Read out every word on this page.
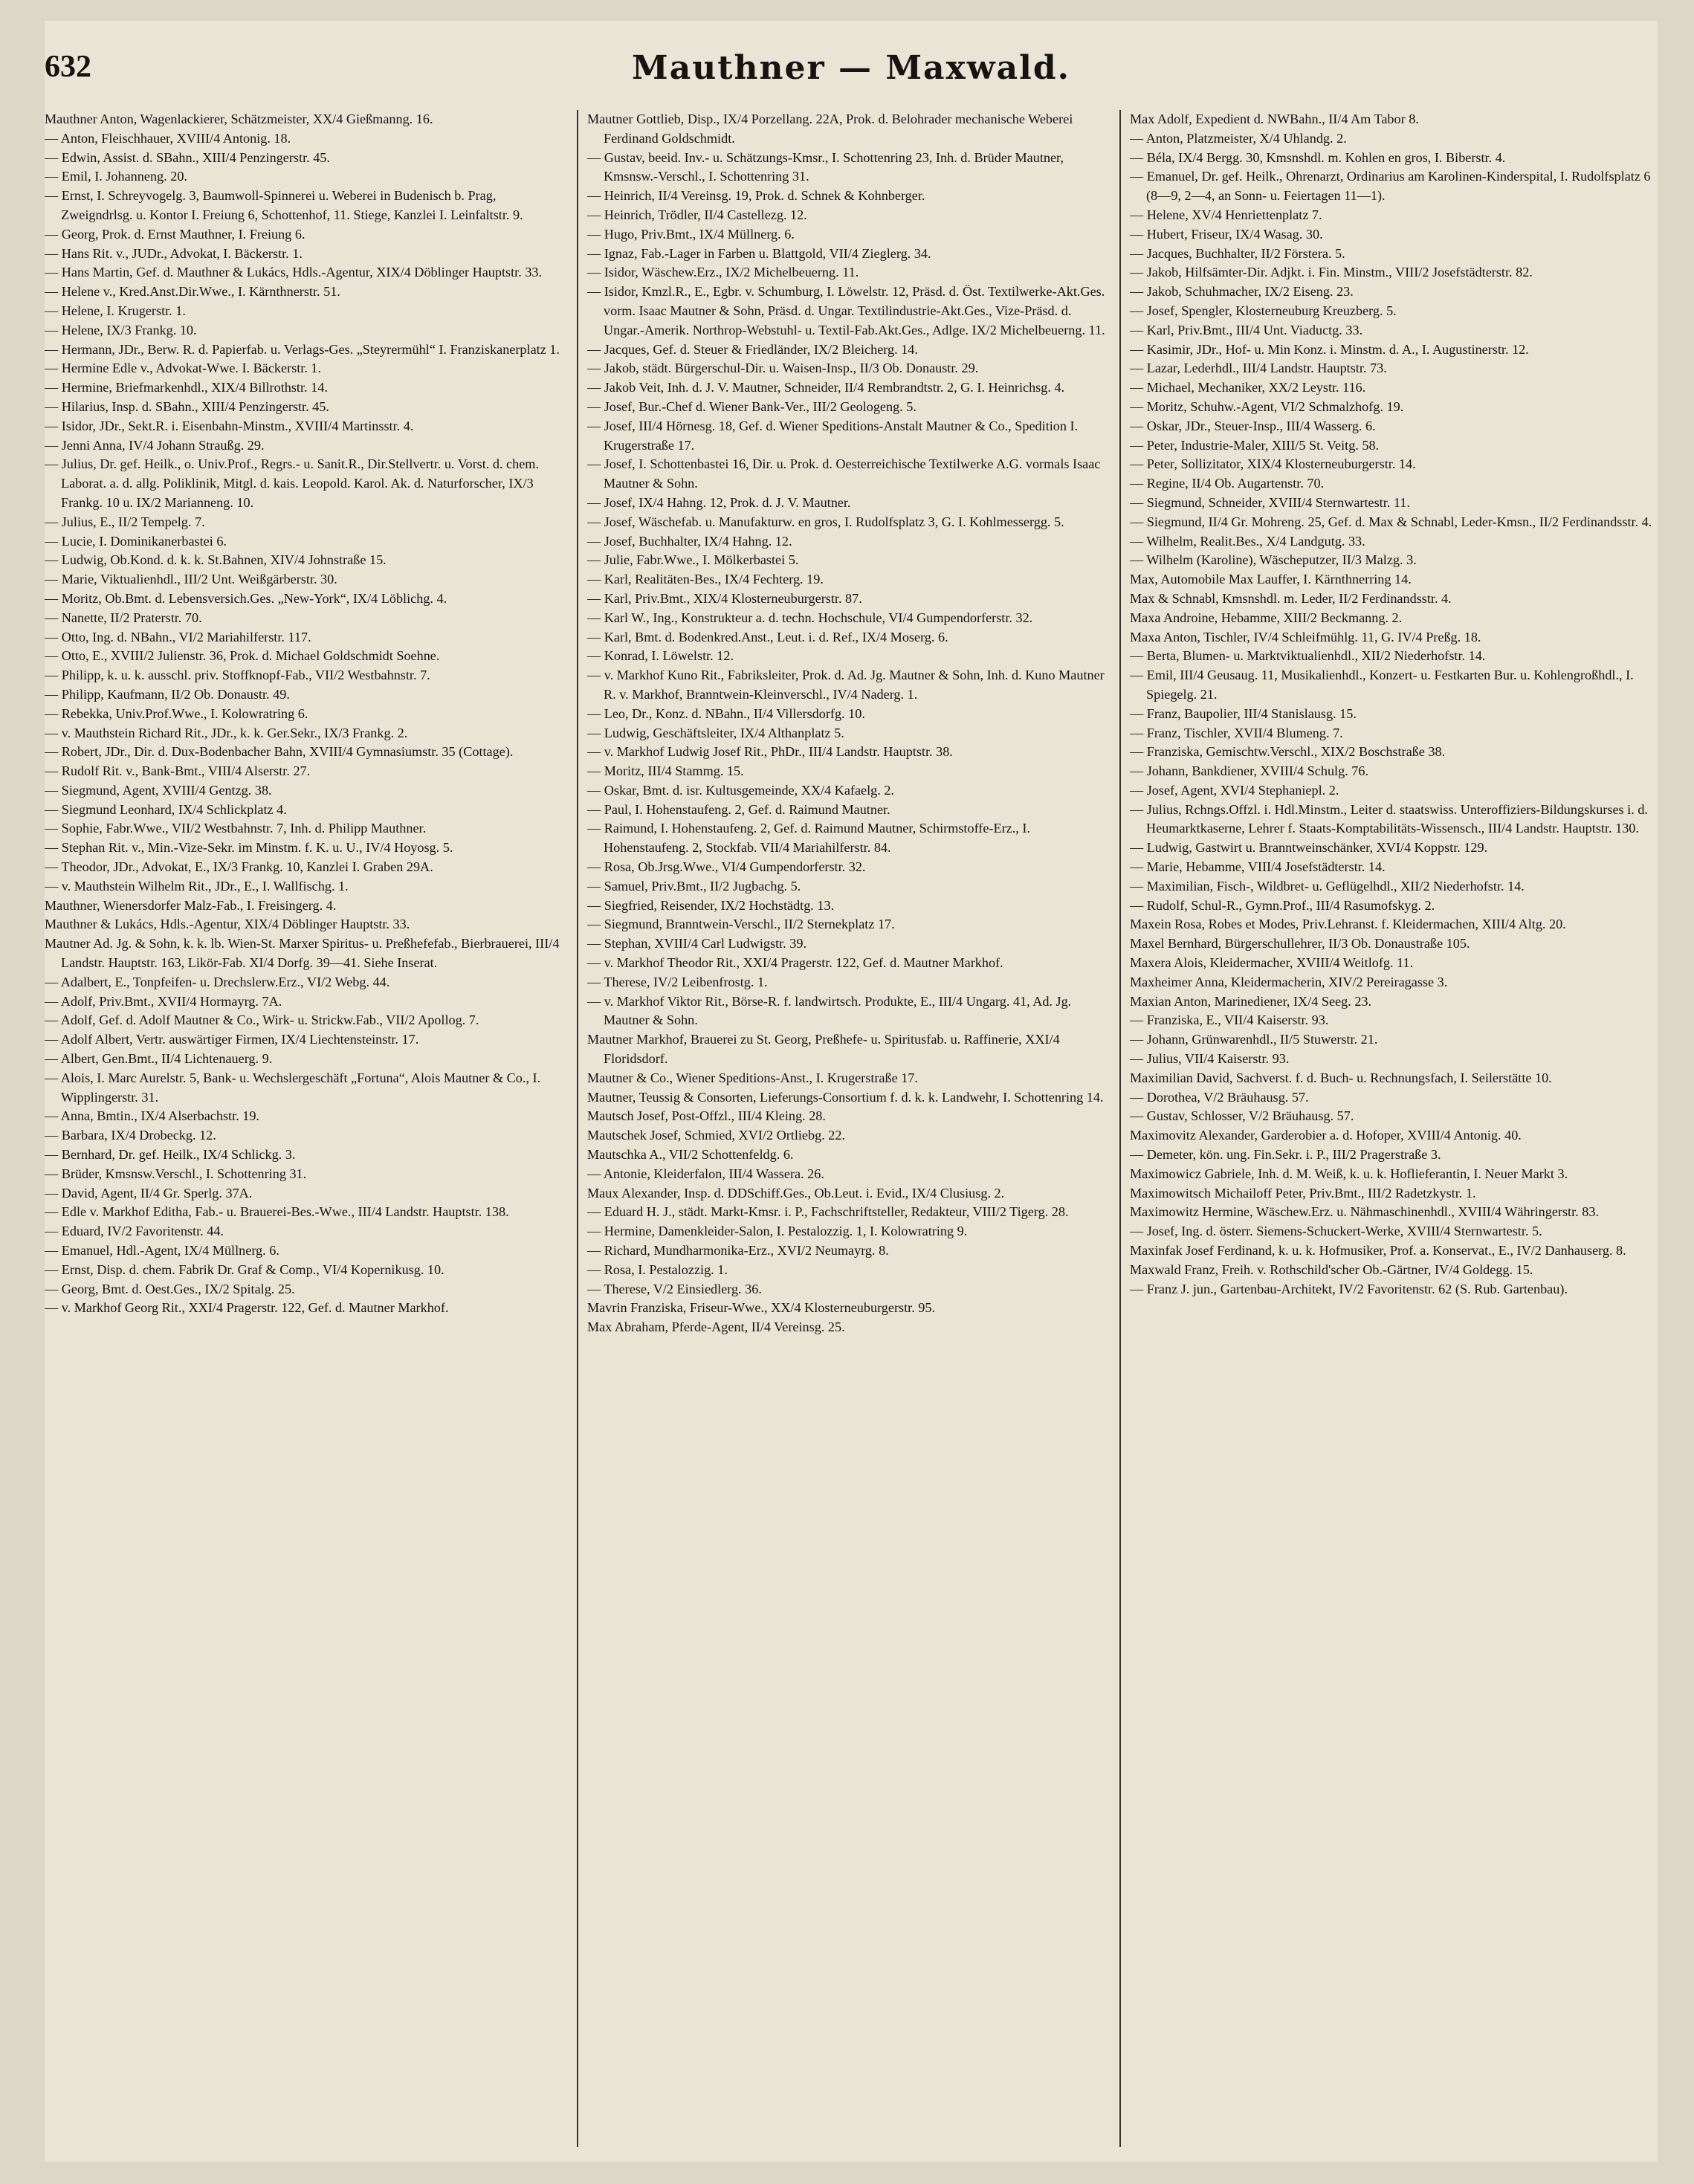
632	Mauthner — Maxwald.

Mauthner Anton, Wagenlackierer, Schätzmeister, XX/4 Gießmanng. 16.

— Anton, Fleischhauer, XVIII/4 Antonig. 18.

— Edwin, Assist. d. SBahn., XIII/4 Penzingerstr. 45.

— Emil, I. Johanneng. 20.

— Ernst, I. Schreyvogelg. 3, Baumwoll-Spinnerei u. Weberei in Budenisch b. Prag, Zweigndrlsg. u. Kontor I. Freiung 6, Schottenhof, 11. Stiege, Kanzlei I. Leinfaltstr. 9.

— Georg, Prok. d. Ernst Mauthner, I. Freiung 6.

— Hans Rit. v., JUDr., Advokat, I. Bäckerstr. 1.

— Hans Martin, Gef. d. Mauthner & Lukács, Hdls.-Agentur, XIX/4 Döblinger Hauptstr. 33.

— Helene v., Kred.Anst.Dir.Wwe., I. Kärnthnerstr. 51.

— Helene, I. Krugerstr. 1.

— Helene, IX/3 Frankg. 10.

— Hermann, JDr., Berw. R. d. Papierfab. u. Verlags-Ges. „Steyrermühl“ I. Franziskanerplatz 1.

— Hermine Edle v., Advokat-Wwe. I. Bäckerstr. 1.

— Hermine, Briefmarkenhdl., XIX/4 Billrothstr. 14.

— Hilarius, Insp. d. SBahn., XIII/4 Penzingerstr. 45.

— Isidor, JDr., Sekt.R. i. Eisenbahn-Minstm., XVIII/4 Martinsstr. 4.

— Jenni Anna, IV/4 Johann Straußg. 29.

— Julius, Dr. gef. Heilk., o. Univ.Prof., Regrs.- u. Sanit.R., Dir.Stellvertr. u. Vorst. d. chem. Laborat. a. d. allg. Poliklinik, Mitgl. d. kais. Leopold. Karol. Ak. d. Naturforscher, IX/3 Frankg. 10 u. IX/2 Marianneng. 10.

— Julius, E., II/2 Tempelg. 7.

— Lucie, I. Dominikanerbastei 6.

— Ludwig, Ob.Kond. d. k. k. St.Bahnen, XIV/4 Johnstraße 15.

— Marie, Viktualienhdl., III/2 Unt. Weißgärberstr. 30.

— Moritz, Ob.Bmt. d. Lebensversich.Ges. „New-York“, IX/4 Löblichg. 4.

— Nanette, II/2 Praterstr. 70.

— Otto, Ing. d. NBahn., VI/2 Mariahilferstr. 117.

— Otto, E., XVIII/2 Julienstr. 36, Prok. d. Michael Goldschmidt Soehne.

— Philipp, k. u. k. ausschl. priv. Stoffknopf-Fab., VII/2 Westbahnstr. 7.

— Philipp, Kaufmann, II/2 Ob. Donaustr. 49.

— Rebekka, Univ.Prof.Wwe., I. Kolowratring 6.

— v. Mauthstein Richard Rit., JDr., k. k. Ger.Sekr., IX/3 Frankg. 2.

— Robert, JDr., Dir. d. Dux-Bodenbacher Bahn, XVIII/4 Gymnasiumstr. 35 (Cottage).

— Rudolf Rit. v., Bank-Bmt., VIII/4 Alserstr. 27.

— Siegmund, Agent, XVIII/4 Gentzg. 38.

— Siegmund Leonhard, IX/4 Schlickplatz 4.

— Sophie, Fabr.Wwe., VII/2 Westbahnstr. 7, Inh. d. Philipp Mauthner.

— Stephan Rit. v., Min.-Vize-Sekr. im Minstm. f. K. u. U., IV/4 Hoyosg. 5.

— Theodor, JDr., Advokat, E., IX/3 Frankg. 10, Kanzlei I. Graben 29A.

— v. Mauthstein Wilhelm Rit., JDr., E., I. Wallfischg. 1.

Mauthner, Wienersdorfer Malz-Fab., I. Freisingerg. 4.

Mauthner & Lukács, Hdls.-Agentur, XIX/4 Döblinger Hauptstr. 33.

Mautner Ad. Jg. & Sohn, k. k. lb. Wien-St. Marxer Spiritus- u. Preßhefefab., Bierbrauerei, III/4 Landstr. Hauptstr. 163, Likör-Fab. XI/4 Dorfg. 39—41. Siehe Inserat.

— Adalbert, E., Tonpfeifen- u. Drechslerw.Erz., VI/2 Webg. 44.

— Adolf, Priv.Bmt., XVII/4 Hormayrg. 7A.

— Adolf, Gef. d. Adolf Mautner & Co., Wirk- u. Strickw.Fab., VII/2 Apollog. 7.

— Adolf Albert, Vertr. auswärtiger Firmen, IX/4 Liechtensteinstr. 17.

— Albert, Gen.Bmt., II/4 Lichtenauerg. 9.

— Alois, I. Marc Aurelstr. 5, Bank- u. Wechslergeschäft „Fortuna“, Alois Mautner & Co., I. Wipplingerstr. 31.

— Anna, Bmtin., IX/4 Alserbachstr. 19.

— Barbara, IX/4 Drobeckg. 12.

— Bernhard, Dr. gef. Heilk., IX/4 Schlickg. 3.

— Brüder, Kmsnsw.Verschl., I. Schottenring 31.

— David, Agent, II/4 Gr. Sperlg. 37A.

— Edle v. Markhof Editha, Fab.- u. Brauerei-Bes.-Wwe., III/4 Landstr. Hauptstr. 138.

— Eduard, IV/2 Favoritenstr. 44.

— Emanuel, Hdl.-Agent, IX/4 Müllnerg. 6.

— Ernst, Disp. d. chem. Fabrik Dr. Graf & Comp., VI/4 Kopernikusg. 10.

— Georg, Bmt. d. Oest.Ges., IX/2 Spitalg. 25.

— v. Markhof Georg Rit., XXI/4 Pragerstr. 122, Gef. d. Mautner Markhof.

Mautner Gottlieb, Disp., IX/4 Porzellang. 22A, Prok. d. Belohrader mechanische Weberei Ferdinand Goldschmidt.

— Gustav, beeid. Inv.- u. Schätzungs-Kmsr., I. Schottenring 23, Inh. d. Brüder Mautner, Kmsnsw.-Verschl., I. Schottenring 31.

— Heinrich, II/4 Vereinsg. 19, Prok. d. Schnek & Kohnberger.

— Heinrich, Trödler, II/4 Castellezg. 12.

— Hugo, Priv.Bmt., IX/4 Müllnerg. 6.

— Ignaz, Fab.-Lager in Farben u. Blattgold, VII/4 Zieglerg. 34.

— Isidor, Wäschew.Erz., IX/2 Michelbeuerng. 11.

— Isidor, Kmzl.R., E., Egbr. v. Schumburg, I. Löwelstr. 12, Präsd. d. Öst. Textilwerke-Akt.Ges. vorm. Isaac Mautner & Sohn, Präsd. d. Ungar. Textilindustrie-Akt.Ges., Vize-Präsd. d. Ungar.-Amerik. Northrop-Webstuhl- u. Textil-Fab.Akt.Ges., Adlge. IX/2 Michelbeuerng. 11.

— Jacques, Gef. d. Steuer & Friedländer, IX/2 Bleicherg. 14.

— Jakob, städt. Bürgerschul-Dir. u. Waisen-Insp., II/3 Ob. Donaustr. 29.

— Jakob Veit, Inh. d. J. V. Mautner, Schneider, II/4 Rembrandtstr. 2, G. I. Heinrichsg. 4.

— Josef, Bur.-Chef d. Wiener Bank-Ver., III/2 Geologeng. 5.

— Josef, III/4 Hörnesg. 18, Gef. d. Wiener Speditions-Anstalt Mautner & Co., Spedition I. Krugerstraße 17.

— Josef, I. Schottenbastei 16, Dir. u. Prok. d. Oesterreichische Textilwerke A.G. vormals Isaac Mautner & Sohn.

— Josef, IX/4 Hahng. 12, Prok. d. J. V. Mautner.

— Josef, Wäschefab. u. Manufakturw. en gros, I. Rudolfsplatz 3, G. I. Kohlmessergg. 5.

— Josef, Buchhalter, IX/4 Hahng. 12.

— Julie, Fabr.Wwe., I. Mölkerbastei 5.

— Karl, Realitäten-Bes., IX/4 Fechterg. 19.

— Karl, Priv.Bmt., XIX/4 Klosterneuburgerstr. 87.

— Karl W., Ing., Konstrukteur a. d. techn. Hochschule, VI/4 Gumpendorferstr. 32.

— Karl, Bmt. d. Bodenkred.Anst., Leut. i. d. Ref., IX/4 Moserg. 6.

— Konrad, I. Löwelstr. 12.

— v. Markhof Kuno Rit., Fabriksleiter, Prok. d. Ad. Jg. Mautner & Sohn, Inh. d. Kuno Mautner R. v. Markhof, Branntwein-Kleinverschl., IV/4 Naderg. 1.

— Leo, Dr., Konz. d. NBahn., II/4 Villersdorfg. 10.

— Ludwig, Geschäftsleiter, IX/4 Althanplatz 5.

— v. Markhof Ludwig Josef Rit., PhDr., III/4 Landstr. Hauptstr. 38.

— Moritz, III/4 Stammg. 15.

— Oskar, Bmt. d. isr. Kultusgemeinde, XX/4 Kafaelg. 2.

— Paul, I. Hohenstaufeng. 2, Gef. d. Raimund Mautner.

— Raimund, I. Hohenstaufeng. 2, Gef. d. Raimund Mautner, Schirmstoffe-Erz., I. Hohenstaufeng. 2, Stockfab. VII/4 Mariahilferstr. 84.

— Rosa, Ob.Jrsg.Wwe., VI/4 Gumpendorferstr. 32.

— Samuel, Priv.Bmt., II/2 Jugbachg. 5.

— Siegfried, Reisender, IX/2 Hochstädtg. 13.

— Siegmund, Branntwein-Verschl., II/2 Sternekplatz 17.

— Stephan, XVIII/4 Carl Ludwigstr. 39.

— v. Markhof Theodor Rit., XXI/4 Pragerstr. 122, Gef. d. Mautner Markhof.

— Therese, IV/2 Leibenfrostg. 1.

— v. Markhof Viktor Rit., Börse-R. f. landwirtsch. Produkte, E., III/4 Ungarg. 41, Ad. Jg. Mautner & Sohn.

Mautner Markhof, Brauerei zu St. Georg, Preßhefe- u. Spiritusfab. u. Raffinerie, XXI/4 Floridsdorf.

Mautner & Co., Wiener Speditions-Anst., I. Krugerstraße 17.

Mautner, Teussig & Consorten, Lieferungs-Consortium f. d. k. k. Landwehr, I. Schottenring 14.

Mautsch Josef, Post-Offzl., III/4 Kleing. 28.

Mautschek Josef, Schmied, XVI/2 Ortliebg. 22.

Mautschka A., VII/2 Schottenfeldg. 6.

— Antonie, Kleiderfalon, III/4 Wassera. 26.

Maux Alexander, Insp. d. DDSchiff.Ges., Ob.Leut. i. Evid., IX/4 Clusiusg. 2.

— Eduard H. J., städt. Markt-Kmsr. i. P., Fachschriftsteller, Redakteur, VIII/2 Tigerg. 28.

— Hermine, Damenkleider-Salon, I. Pestalozzig. 1, I. Kolowratring 9.

— Richard, Mundharmonika-Erz., XVI/2 Neumayrg. 8.

— Rosa, I. Pestalozzig. 1.

— Therese, V/2 Einsiedlerg. 36.

Mavrin Franziska, Friseur-Wwe., XX/4 Klosterneuburgerstr. 95.

Max Abraham, Pferde-Agent, II/4 Vereinsg. 25.

Max Adolf, Expedient d. NWBahn., II/4 Am Tabor 8.

— Anton, Platzmeister, X/4 Uhlandg. 2.

— Béla, IX/4 Bergg. 30, Kmsnshdl. m. Kohlen en gros, I. Biberstr. 4.

— Emanuel, Dr. gef. Heilk., Ohrenarzt, Ordinarius am Karolinen-Kinderspital, I. Rudolfsplatz 6 (8—9, 2—4, an Sonn- u. Feiertagen 11—1).

— Helene, XV/4 Henriettenplatz 7.

— Hubert, Friseur, IX/4 Wasag. 30.

— Jacques, Buchhalter, II/2 Förstera. 5.

— Jakob, Hilfsämter-Dir. Adjkt. i. Fin. Minstm., VIII/2 Josefstädterstr. 82.

— Jakob, Schuhmacher, IX/2 Eiseng. 23.

— Josef, Spengler, Klosterneuburg Kreuzberg. 5.

— Karl, Priv.Bmt., III/4 Unt. Viaductg. 33.

— Kasimir, JDr., Hof- u. Min Konz. i. Minstm. d. A., I. Augustinerstr. 12.

— Lazar, Lederhdl., III/4 Landstr. Hauptstr. 73.

— Michael, Mechaniker, XX/2 Leystr. 116.

— Moritz, Schuhw.-Agent, VI/2 Schmalzhofg. 19.

— Oskar, JDr., Steuer-Insp., III/4 Wasserg. 6.

— Peter, Industrie-Maler, XIII/5 St. Veitg. 58.

— Peter, Sollizitator, XIX/4 Klosterneuburgerstr. 14.

— Regine, II/4 Ob. Augartenstr. 70.

— Siegmund, Schneider, XVIII/4 Sternwartestr. 11.

— Siegmund, II/4 Gr. Mohreng. 25, Gef. d. Max & Schnabl, Leder-Kmsn., II/2 Ferdinandsstr. 4.

— Wilhelm, Realit.Bes., X/4 Landgutg. 33.

— Wilhelm (Karoline), Wäscheputzer, II/3 Malzg. 3.

Max, Automobile Max Lauffer, I. Kärnthnerring 14.

Max & Schnabl, Kmsnshdl. m. Leder, II/2 Ferdinandsstr. 4.

Maxa Androine, Hebamme, XIII/2 Beckmanng. 2.

Maxa Anton, Tischler, IV/4 Schleifmühlg. 11, G. IV/4 Preßg. 18.

— Berta, Blumen- u. Marktviktualienhdl., XII/2 Niederhofstr. 14.

— Emil, III/4 Geusaug. 11, Musikalienhdl., Konzert- u. Festkarten Bur. u. Kohlengroßhdl., I. Spiegelg. 21.

— Franz, Baupolier, III/4 Stanislausg. 15.

— Franz, Tischler, XVII/4 Blumeng. 7.

— Franziska, Gemischtw.Verschl., XIX/2 Boschstraße 38.

— Johann, Bankdiener, XVIII/4 Schulg. 76.

— Josef, Agent, XVI/4 Stephaniepl. 2.

— Julius, Rchngs.Offzl. i. Hdl.Minstm., Leiter d. staatswiss. Unteroffiziers-Bildungskurses i. d. Heumarktkaserne, Lehrer f. Staats-Komptabilitäts-Wissensch., III/4 Landstr. Hauptstr. 130.

— Ludwig, Gastwirt u. Branntweinschänker, XVI/4 Koppstr. 129.

— Marie, Hebamme, VIII/4 Josefstädterstr. 14.

— Maximilian, Fisch-, Wildbret- u. Geflügelhdl., XII/2 Niederhofstr. 14.

— Rudolf, Schul-R., Gymn.Prof., III/4 Rasumofskyg. 2.

Maxein Rosa, Robes et Modes, Priv.Lehranst. f. Kleidermachen, XIII/4 Altg. 20.

Maxel Bernhard, Bürgerschullehrer, II/3 Ob. Donaustraße 105.

Maxera Alois, Kleidermacher, XVIII/4 Weitlofg. 11.

Maxheimer Anna, Kleidermacherin, XIV/2 Pereiragasse 3.

Maxian Anton, Marinediener, IX/4 Seeg. 23.

— Franziska, E., VII/4 Kaiserstr. 93.

— Johann, Grünwarenhdl., II/5 Stuwerstr. 21.

— Julius, VII/4 Kaiserstr. 93.

Maximilian David, Sachverst. f. d. Buch- u. Rechnungsfach, I. Seilerstätte 10.

— Dorothea, V/2 Bräuhausg. 57.

— Gustav, Schlosser, V/2 Bräuhausg. 57.

Maximovitz Alexander, Garderobier a. d. Hofoper, XVIII/4 Antonig. 40.

— Demeter, kön. ung. Fin.Sekr. i. P., III/2 Pragerstraße 3.

Maximowicz Gabriele, Inh. d. M. Weiß, k. u. k. Hoflieferantin, I. Neuer Markt 3.

Maximowitsch Michailoff Peter, Priv.Bmt., III/2 Radetzkystr. 1.

Maximowitz Hermine, Wäschew.Erz. u. Nähmaschinenhdl., XVIII/4 Währingerstr. 83.

— Josef, Ing. d. österr. Siemens-Schuckert-Werke, XVIII/4 Sternwartestr. 5.

Maxinfak Josef Ferdinand, k. u. k. Hofmusiker, Prof. a. Konservat., E., IV/2 Danhauserg. 8.

Maxwald Franz, Freih. v. Rothschild'scher Ob.-Gärtner, IV/4 Goldegg. 15.

— Franz J. jun., Gartenbau-Architekt, IV/2 Favoritenstr. 62 (S. Rub. Gartenbau).
